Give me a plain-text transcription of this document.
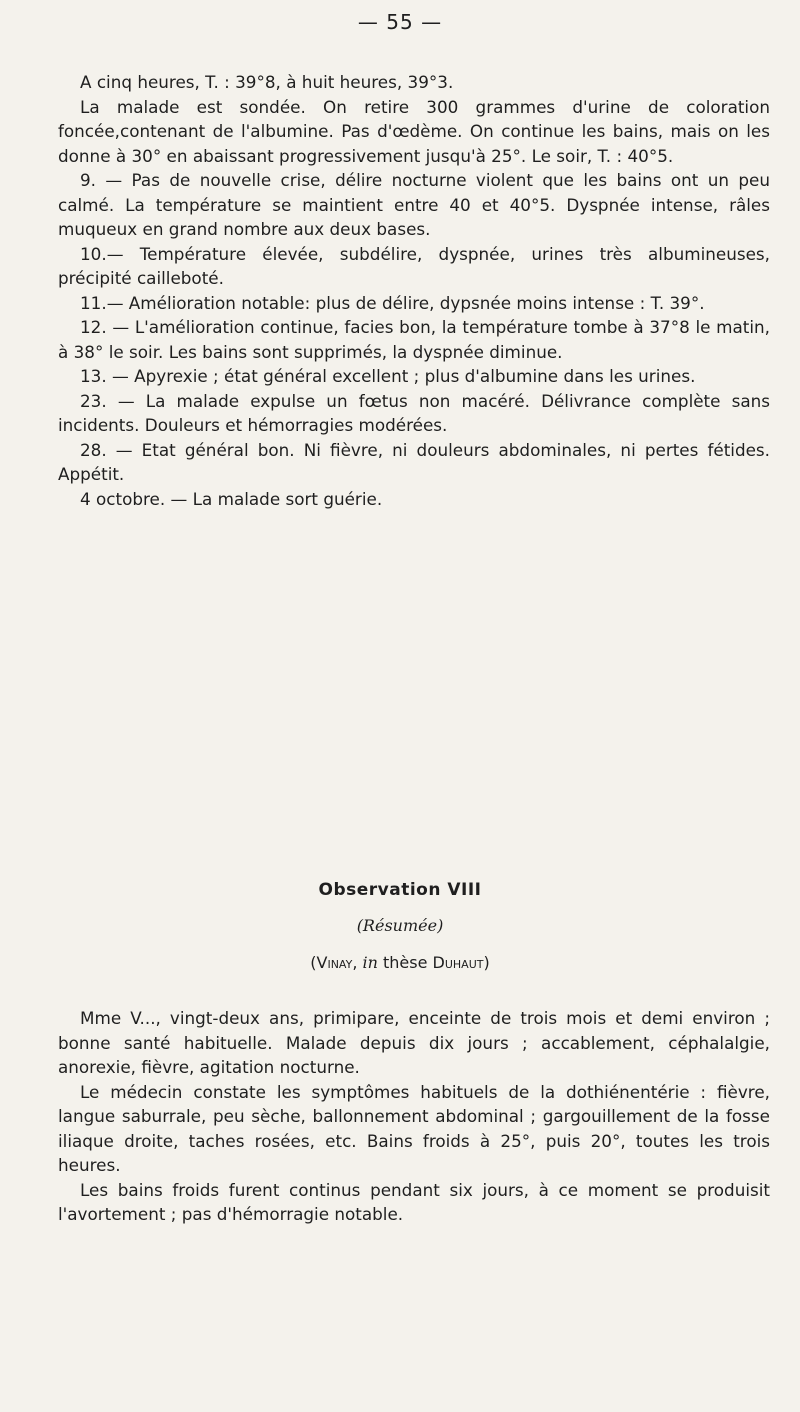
— 55 —

A cinq heures, T. : 39°8, à huit heures, 39°3.

La malade est sondée. On retire 300 grammes d'urine de coloration foncée,contenant de l'albumine. Pas d'œdème. On continue les bains, mais on les donne à 30° en abaissant progressivement jusqu'à 25°. Le soir, T. : 40°5.

9. — Pas de nouvelle crise, délire nocturne violent que les bains ont un peu calmé. La température se maintient entre 40 et 40°5. Dyspnée intense, râles muqueux en grand nombre aux deux bases.

10.— Température élevée, subdélire, dyspnée, urines très albumineuses, précipité cailleboté.

11.— Amélioration notable: plus de délire, dypsnée moins intense : T. 39°.

12. — L'amélioration continue, facies bon, la température tombe à 37°8 le matin, à 38° le soir. Les bains sont supprimés, la dyspnée diminue.

13. — Apyrexie ; état général excellent ; plus d'albumine dans les urines.

23. — La malade expulse un fœtus non macéré. Délivrance complète sans incidents. Douleurs et hémorragies modérées.

28. — Etat général bon. Ni fièvre, ni douleurs abdominales, ni pertes fétides. Appétit.

4 octobre. — La malade sort guérie.

Observation VIII
(Résumée)
(Vinay, in thèse Duhaut)

Mme V..., vingt-deux ans, primipare, enceinte de trois mois et demi environ ; bonne santé habituelle. Malade depuis dix jours ; accablement, céphalalgie, anorexie, fièvre, agitation nocturne.

Le médecin constate les symptômes habituels de la dothiénentérie : fièvre, langue saburrale, peu sèche, ballonnement abdominal ; gargouillement de la fosse iliaque droite, taches rosées, etc. Bains froids à 25°, puis 20°, toutes les trois heures.

Les bains froids furent continus pendant six jours, à ce moment se produisit l'avortement ; pas d'hémorragie notable.
